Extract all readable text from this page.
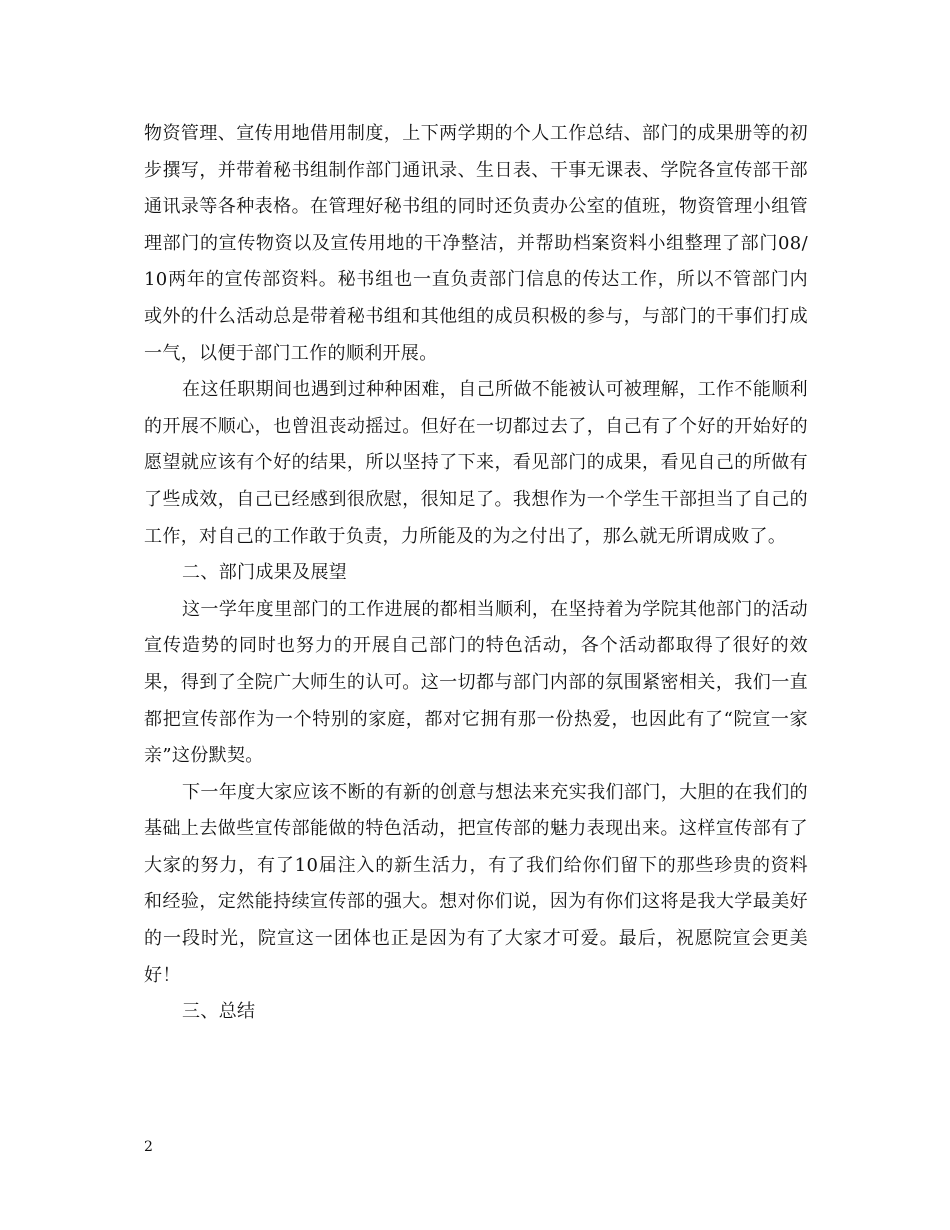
物资管理、宣传用地借用制度，上下两学期的个人工作总结、部门的成果册等的初步撰写，并带着秘书组制作部门通讯录、生日表、干事无课表、学院各宣传部干部通讯录等各种表格。在管理好秘书组的同时还负责办公室的值班，物资管理小组管理部门的宣传物资以及宣传用地的干净整洁，并帮助档案资料小组整理了部门08/10两年的宣传部资料。秘书组也一直负责部门信息的传达工作，所以不管部门内或外的什么活动总是带着秘书组和其他组的成员积极的参与，与部门的干事们打成一气，以便于部门工作的顺利开展。

在这任职期间也遇到过种种困难，自己所做不能被认可被理解，工作不能顺利的开展不顺心，也曾沮丧动摇过。但好在一切都过去了，自己有了个好的开始好的愿望就应该有个好的结果，所以坚持了下来，看见部门的成果，看见自己的所做有了些成效，自己已经感到很欣慰，很知足了。我想作为一个学生干部担当了自己的工作，对自己的工作敢于负责，力所能及的为之付出了，那么就无所谓成败了。

二、部门成果及展望

这一学年度里部门的工作进展的都相当顺利，在坚持着为学院其他部门的活动宣传造势的同时也努力的开展自己部门的特色活动，各个活动都取得了很好的效果，得到了全院广大师生的认可。这一切都与部门内部的氛围紧密相关，我们一直都把宣传部作为一个特别的家庭，都对它拥有那一份热爱，也因此有了“院宣一家亲”这份默契。

下一年度大家应该不断的有新的创意与想法来充实我们部门，大胆的在我们的基础上去做些宣传部能做的特色活动，把宣传部的魅力表现出来。这样宣传部有了大家的努力，有了10届注入的新生活力，有了我们给你们留下的那些珍贵的资料和经验，定然能持续宣传部的强大。想对你们说，因为有你们这将是我大学最美好的一段时光，院宣这一团体也正是因为有了大家才可爱。最后，祝愿院宣会更美好！

三、总结

2
